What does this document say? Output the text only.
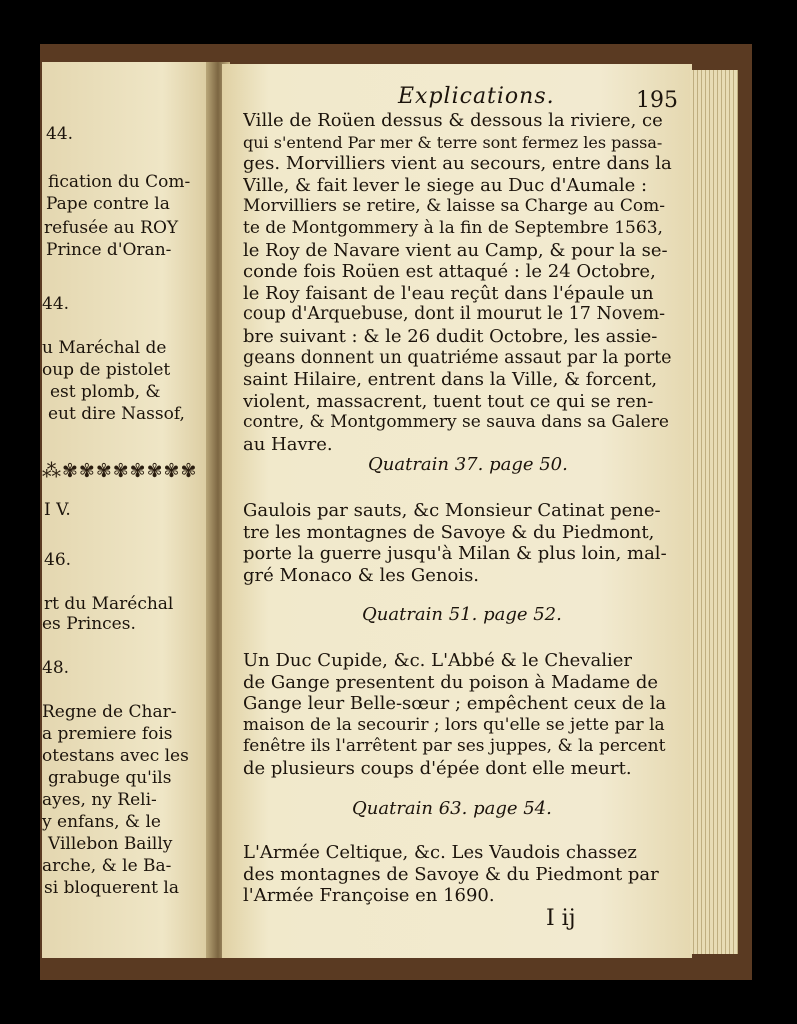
44.
fication du Com-
Pape contre la
refusée au ROY
Prince d'Oran-
44.
u Maréchal de
oup de pistolet
est plomb, &
eut dire Nassof,
I V.
46.
rt du Maréchal
es Princes.
48.
Regne de Char-
a premiere fois
otestans avec les
grabuge qu'ils
ayes, ny Reli-
y enfans, & le
Villebon Bailly
arche, & le Ba-
si bloquerent la
⁂✾✾✾✾✾✾✾✾
Explications.	195
Ville de Roüen dessus & dessous la riviere, ce
qui s'entend Par mer & terre sont fermez les passa-
ges. Morvilliers vient au secours, entre dans la
Ville, & fait lever le siege au Duc d'Aumale :
Morvilliers se retire, & laisse sa Charge au Com-
te de Montgommery à la fin de Septembre 1563,
le Roy de Navare vient au Camp, & pour la se-
conde fois Roüen est attaqué : le 24 Octobre,
le Roy faisant de l'eau reçût dans l'épaule un
coup d'Arquebuse, dont il mourut le 17 Novem-
bre suivant : & le 26 dudit Octobre, les assie-
geans donnent un quatriéme assaut par la porte
saint Hilaire, entrent dans la Ville, & forcent,
violent, massacrent, tuent tout ce qui se ren-
contre, & Montgommery se sauva dans sa Galere
au Havre.
Quatrain 37. page 50.
Gaulois par sauts, &c Monsieur Catinat pene-
tre les montagnes de Savoye & du Piedmont,
porte la guerre jusqu'à Milan & plus loin, mal-
gré Monaco & les Genois.
Quatrain 51. page 52.
Un Duc Cupide, &c. L'Abbé & le Chevalier
de Gange presentent du poison à Madame de
Gange leur Belle-sœur ; empêchent ceux de la
maison de la secourir ; lors qu'elle se jette par la
fenêtre ils l'arrêtent par ses juppes, & la percent
de plusieurs coups d'épée dont elle meurt.
Quatrain 63. page 54.
L'Armée Celtique, &c. Les Vaudois chassez
des montagnes de Savoye & du Piedmont par
l'Armée Françoise en 1690.
I ij
